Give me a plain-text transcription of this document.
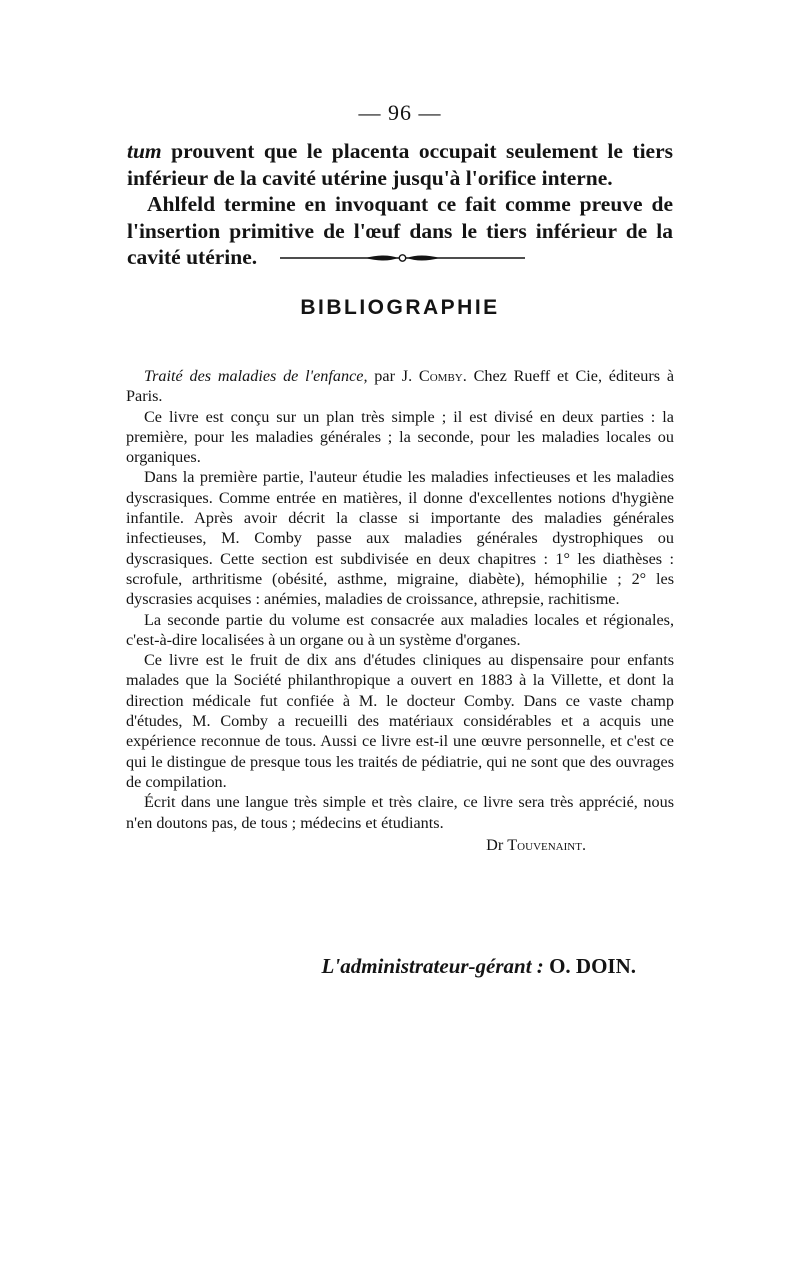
— 96 —

tum prouvent que le placenta occupait seulement le tiers inférieur de la cavité utérine jusqu'à l'orifice interne.

Ahlfeld termine en invoquant ce fait comme preuve de l'insertion primitive de l'œuf dans le tiers inférieur de la cavité utérine.

BIBLIOGRAPHIE

Traité des maladies de l'enfance, par J. Comby. Chez Rueff et Cie, éditeurs à Paris.

Ce livre est conçu sur un plan très simple ; il est divisé en deux parties : la première, pour les maladies générales ; la seconde, pour les maladies locales ou organiques.

Dans la première partie, l'auteur étudie les maladies infectieuses et les maladies dyscrasiques. Comme entrée en matières, il donne d'excellentes notions d'hygiène infantile. Après avoir décrit la classe si importante des maladies générales infectieuses, M. Comby passe aux maladies générales dystrophiques ou dyscrasiques. Cette section est subdivisée en deux chapitres : 1° les diathèses : scrofule, arthritisme (obésité, asthme, migraine, diabète), hémophilie ; 2° les dyscrasies acquises : anémies, maladies de croissance, athrepsie, rachitisme.

La seconde partie du volume est consacrée aux maladies locales et régionales, c'est-à-dire localisées à un organe ou à un système d'organes.

Ce livre est le fruit de dix ans d'études cliniques au dispensaire pour enfants malades que la Société philanthropique a ouvert en 1883 à la Villette, et dont la direction médicale fut confiée à M. le docteur Comby. Dans ce vaste champ d'études, M. Comby a recueilli des matériaux considérables et a acquis une expérience reconnue de tous. Aussi ce livre est-il une œuvre personnelle, et c'est ce qui le distingue de presque tous les traités de pédiatrie, qui ne sont que des ouvrages de compilation.

Écrit dans une langue très simple et très claire, ce livre sera très apprécié, nous n'en doutons pas, de tous ; médecins et étudiants.

Dr Touvenaint.

L'administrateur-gérant : O. DOIN.
